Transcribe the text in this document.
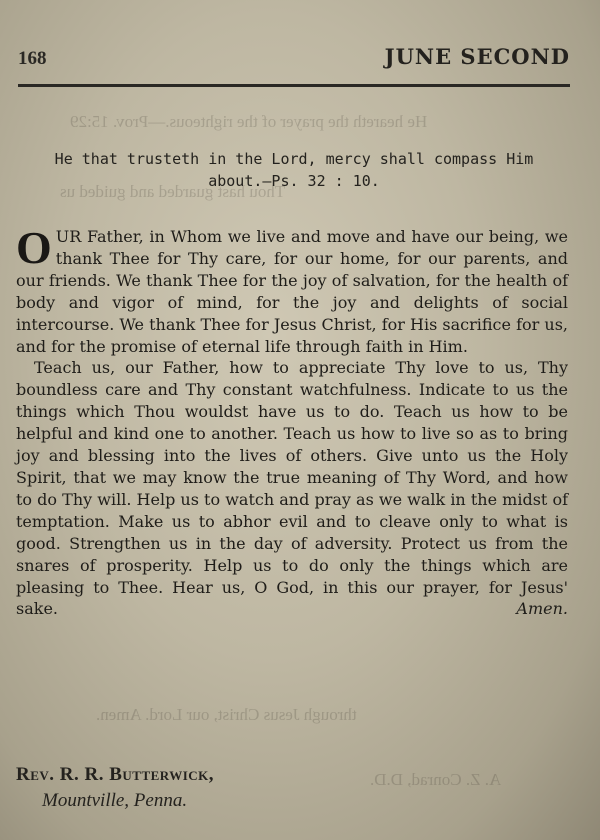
He heareth the prayer of the righteous.—Prov. 15:29
Thou hast guarded and guided us
through Jesus Christ, our Lord. Amen.
A. Z. Conrad, D.D.
168	JUNE SECOND
He that trusteth in the Lord, mercy shall compass Him
about.—Ps. 32 : 10.

OUR Father, in Whom we live and move and have our being, we thank Thee for Thy care, for our home, for our parents, and our friends. We thank Thee for the joy of salvation, for the health of body and vigor of mind, for the joy and delights of social intercourse. We thank Thee for Jesus Christ, for His sacrifice for us, and for the promise of eternal life through faith in Him.

Teach us, our Father, how to appreciate Thy love to us, Thy boundless care and Thy constant watchfulness. Indicate to us the things which Thou wouldst have us to do. Teach us how to be helpful and kind one to another. Teach us how to live so as to bring joy and blessing into the lives of others. Give unto us the Holy Spirit, that we may know the true meaning of Thy Word, and how to do Thy will. Help us to watch and pray as we walk in the midst of temptation. Make us to abhor evil and to cleave only to what is good. Strengthen us in the day of adversity. Protect us from the snares of prosperity. Help us to do only the things which are pleasing to Thee. Hear us, O God, in this our prayer, for Jesus' sake.	Amen.

Rev. R. R. Butterwick,
Mountville, Penna.
